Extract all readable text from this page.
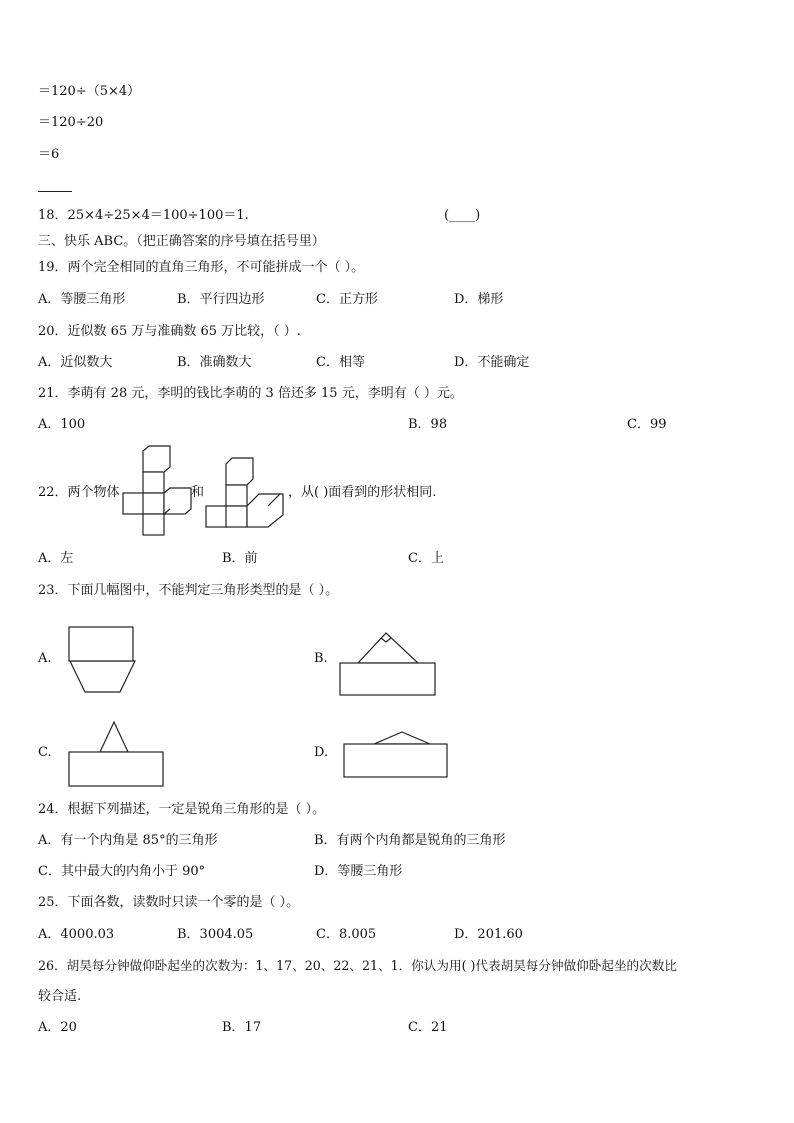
＝120÷（5×4）
＝120÷20
＝6
18．25×4÷25×4＝100÷100＝1.	(____)
三、快乐 ABC。（把正确答案的序号填在括号里）
19．两个完全相同的直角三角形，不可能拼成一个（ ）。
A．等腰三角形	B．平行四边形	C．正方形	D．梯形
20．近似数 65 万与准确数 65 万比较，（ ）.
A．近似数大	B．准确数大	C．相等	D．不能确定
21．李萌有 28 元，李明的钱比李萌的 3 倍还多 15 元，李明有（ ）元。
A．100	B．98	C．99
22．两个物体	和	，从( )面看到的形状相同.
A．左	B．前	C．上
23．下面几幅图中，不能判定三角形类型的是（ ）。
A.	B.
C.	D.
24．根据下列描述，一定是锐角三角形的是（ ）。
A．有一个内角是 85°的三角形	B．有两个内角都是锐角的三角形
C．其中最大的内角小于 90°	D．等腰三角形
25．下面各数，读数时只读一个零的是（ ）。
A．4000.03	B．3004.05	C．8.005	D．201.60
26．胡昊每分钟做仰卧起坐的次数为：1、17、20、22、21、1．你认为用( )代表胡昊每分钟做仰卧起坐的次数比
较合适.
A．20	B．17	C．21
